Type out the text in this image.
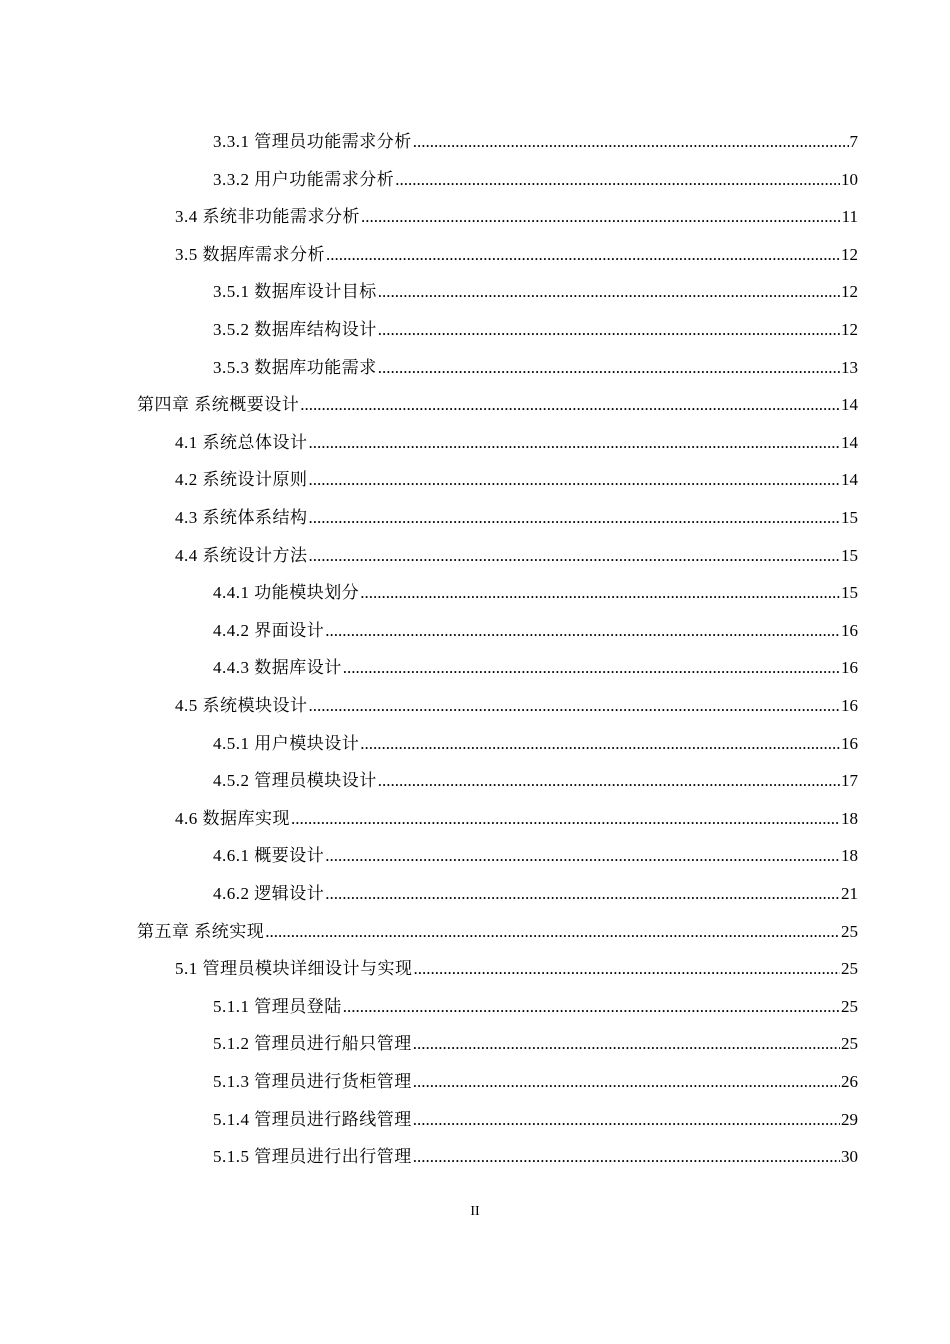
3.3.1 管理员功能需求分析 .....	7
3.3.2 用户功能需求分析 .....	10
3.4 系统非功能需求分析 .....	11
3.5 数据库需求分析 .....	12
3.5.1 数据库设计目标 .....	12
3.5.2 数据库结构设计 .....	12
3.5.3 数据库功能需求 .....	13
第四章 系统概要设计 .....	14
4.1 系统总体设计 .....	14
4.2 系统设计原则 .....	14
4.3 系统体系结构 .....	15
4.4 系统设计方法 .....	15
4.4.1 功能模块划分 .....	15
4.4.2 界面设计 .....	16
4.4.3 数据库设计 .....	16
4.5 系统模块设计 .....	16
4.5.1 用户模块设计 .....	16
4.5.2 管理员模块设计 .....	17
4.6 数据库实现 .....	18
4.6.1 概要设计 .....	18
4.6.2 逻辑设计 .....	21
第五章 系统实现 .....	25
5.1 管理员模块详细设计与实现 .....	25
5.1.1 管理员登陆 .....	25
5.1.2 管理员进行船只管理 .....	25
5.1.3 管理员进行货柜管理 .....	26
5.1.4 管理员进行路线管理 .....	29
5.1.5 管理员进行出行管理 .....	30
II
